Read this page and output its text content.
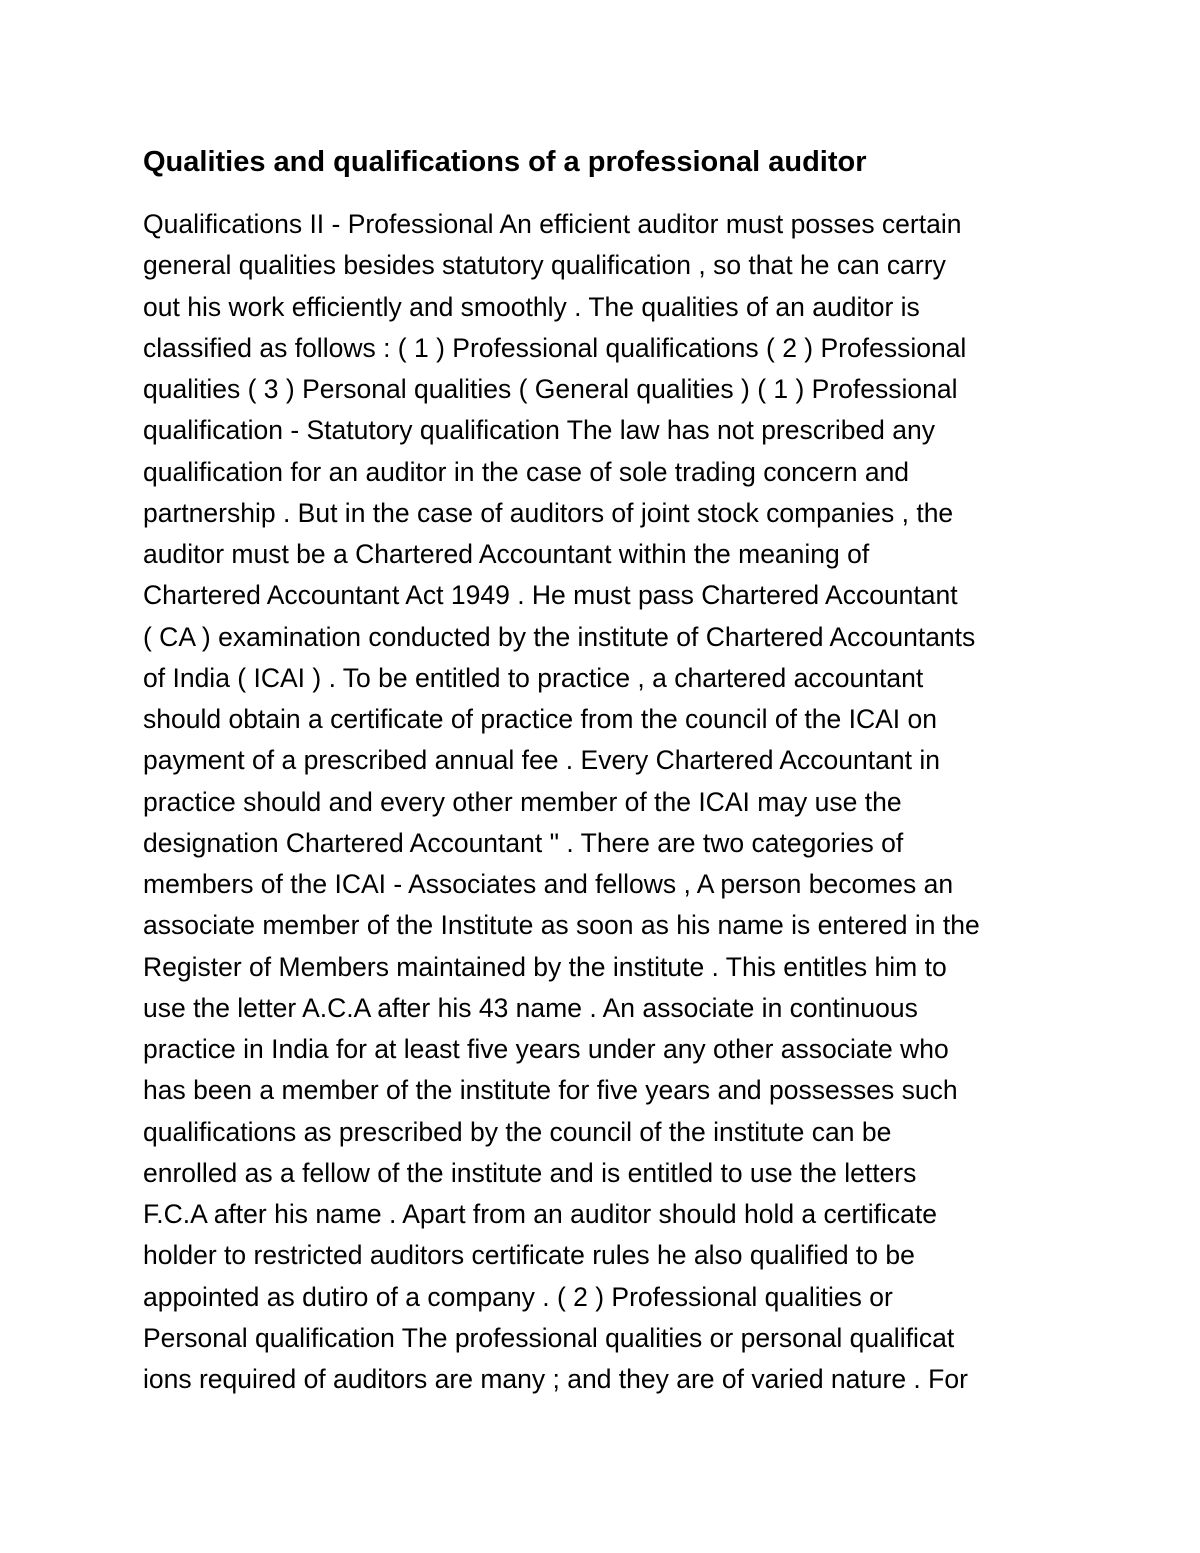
Qualities and qualifications of a professional auditor
Qualifications II - Professional An efficient auditor must posses certain
general qualities besides statutory qualification , so that he can carry
out his work efficiently and smoothly . The qualities of an auditor is
classified as follows : ( 1 ) Professional qualifications ( 2 ) Professional
qualities ( 3 ) Personal qualities ( General qualities ) ( 1 ) Professional
qualification - Statutory qualification The law has not prescribed any
qualification for an auditor in the case of sole trading concern and
partnership . But in the case of auditors of joint stock companies , the
auditor must be a Chartered Accountant within the meaning of
Chartered Accountant Act 1949 . He must pass Chartered Accountant
( CA ) examination conducted by the institute of Chartered Accountants
of India ( ICAI ) . To be entitled to practice , a chartered accountant
should obtain a certificate of practice from the council of the ICAI on
payment of a prescribed annual fee . Every Chartered Accountant in
practice should and every other member of the ICAI may use the
designation Chartered Accountant " . There are two categories of
members of the ICAI - Associates and fellows , A person becomes an
associate member of the Institute as soon as his name is entered in the
Register of Members maintained by the institute . This entitles him to
use the letter A.C.A after his 43 name . An associate in continuous
practice in India for at least five years under any other associate who
has been a member of the institute for five years and possesses such
qualifications as prescribed by the council of the institute can be
enrolled as a fellow of the institute and is entitled to use the letters
F.C.A after his name . Apart from an auditor should hold a certificate
holder to restricted auditors certificate rules he also qualified to be
appointed as dutiro of a company . ( 2 ) Professional qualities or
Personal qualification The professional qualities or personal qualificat
ions required of auditors are many ; and they are of varied nature . For
